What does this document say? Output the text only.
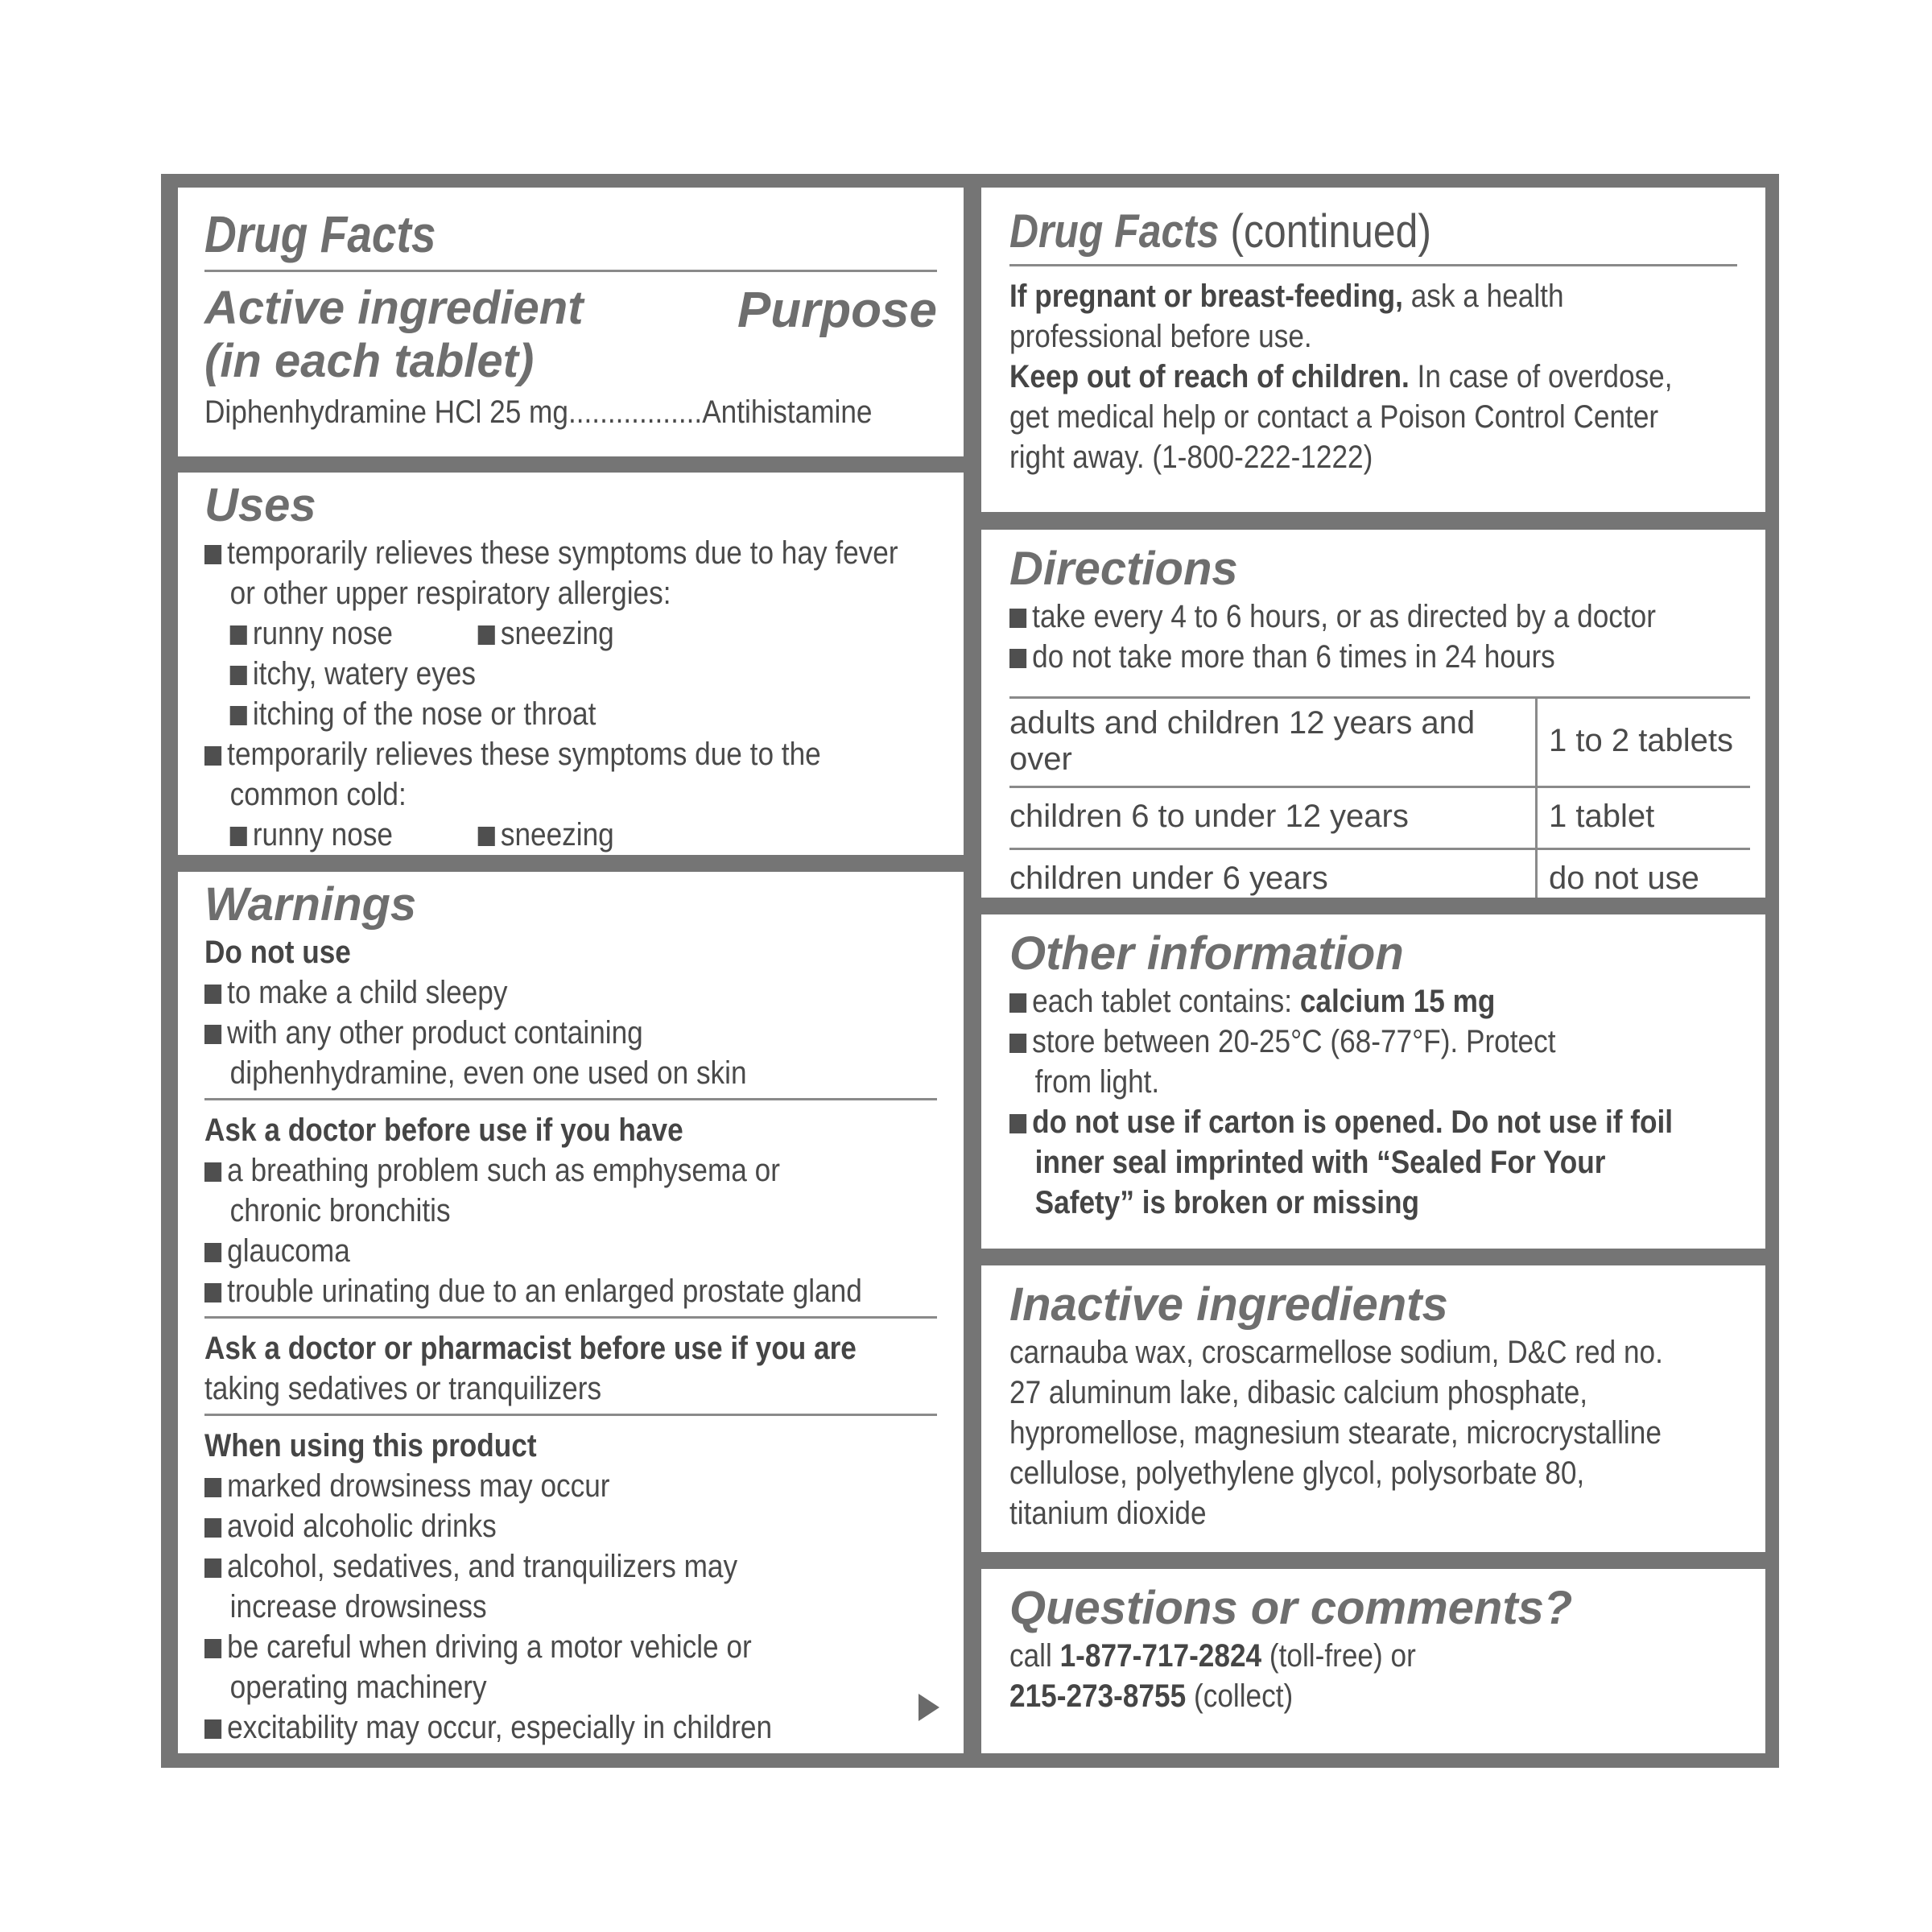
Drug Facts
Active ingredient
(in each tablet)
Purpose
Diphenhydramine HCl 25 mg.................Antihistamine
Uses
temporarily relieves these symptoms due to hay fever
or other upper respiratory allergies:
runny nose	sneezing
itchy, watery eyes
itching of the nose or throat
temporarily relieves these symptoms due to the
common cold:
runny nose	sneezing
Warnings
Do not use
to make a child sleepy
with any other product containing
diphenhydramine, even one used on skin
Ask a doctor before use if you have
a breathing problem such as emphysema or
chronic bronchitis
glaucoma
trouble urinating due to an enlarged prostate gland
Ask a doctor or pharmacist before use if you are
taking sedatives or tranquilizers
When using this product
marked drowsiness may occur
avoid alcoholic drinks
alcohol, sedatives, and tranquilizers may
increase drowsiness
be careful when driving a motor vehicle or
operating machinery
excitability may occur, especially in children
Drug Facts (continued)
If pregnant or breast-feeding, ask a health
professional before use.
Keep out of reach of children. In case of overdose,
get medical help or contact a Poison Control Center
right away. (1-800-222-1222)
Directions
take every 4 to 6 hours, or as directed by a doctor
do not take more than 6 times in 24 hours
adults and children 12 years and over	1 to 2 tablets
children 6 to under 12 years	1 tablet
children under 6 years	do not use
Other information
each tablet contains: calcium 15 mg
store between 20-25°C (68-77°F). Protect
from light.
do not use if carton is opened. Do not use if foil
inner seal imprinted with “Sealed For Your
Safety” is broken or missing
Inactive ingredients
carnauba wax, croscarmellose sodium, D&C red no.
27 aluminum lake, dibasic calcium phosphate,
hypromellose, magnesium stearate, microcrystalline
cellulose, polyethylene glycol, polysorbate 80,
titanium dioxide
Questions or comments?
call 1-877-717-2824 (toll-free) or
215-273-8755 (collect)
